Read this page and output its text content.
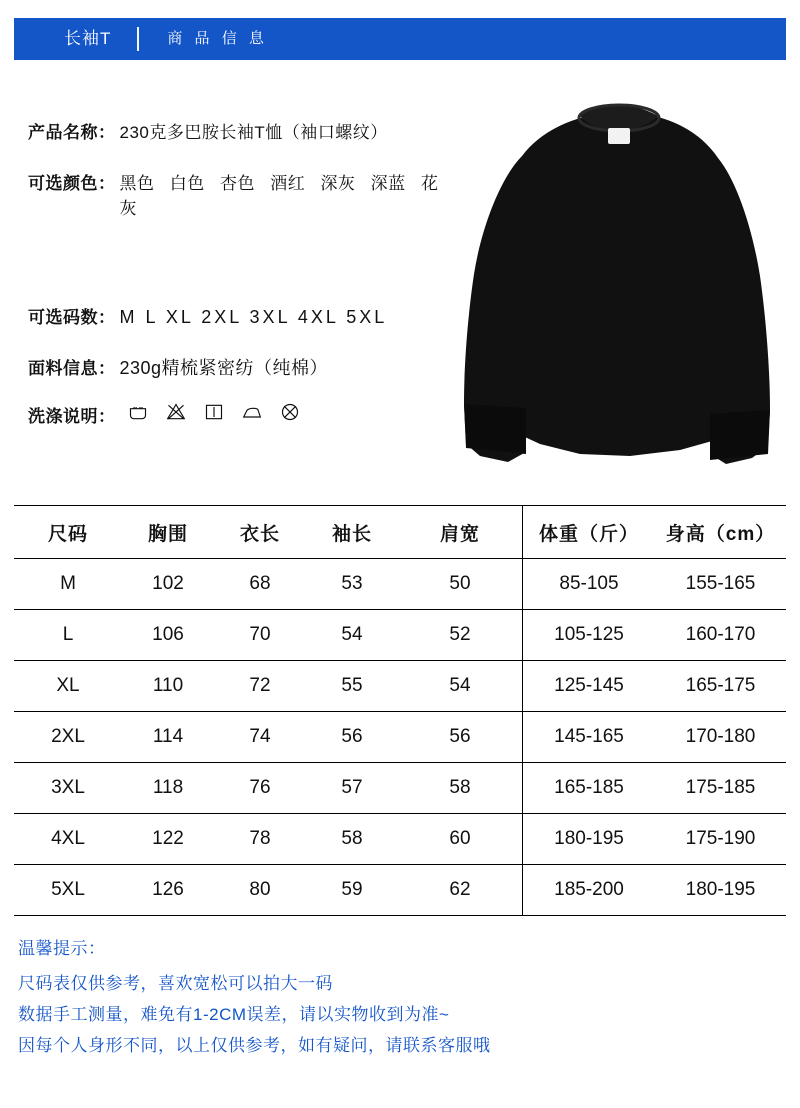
长袖T	商 品 信 息
产品名称： 230克多巴胺长袖T恤（袖口螺纹）
可选颜色： 黑色 白色 杏色 酒红 深灰 深蓝 花灰
可选码数： M L XL 2XL 3XL 4XL 5XL
面料信息： 230g精梳紧密纺（纯棉）
洗涤说明：
尺码	胸围	衣长	袖长	肩宽	体重（斤）	身高（cm）
M	102	68	53	50	85-105	155-165
L	106	70	54	52	105-125	160-170
XL	110	72	55	54	125-145	165-175
2XL	114	74	56	56	145-165	170-180
3XL	118	76	57	58	165-185	175-185
4XL	122	78	58	60	180-195	175-190
5XL	126	80	59	62	185-200	180-195
温馨提示：
尺码表仅供参考，喜欢宽松可以拍大一码
数据手工测量，难免有1-2CM误差，请以实物收到为准~
因每个人身形不同，以上仅供参考，如有疑问，请联系客服哦
